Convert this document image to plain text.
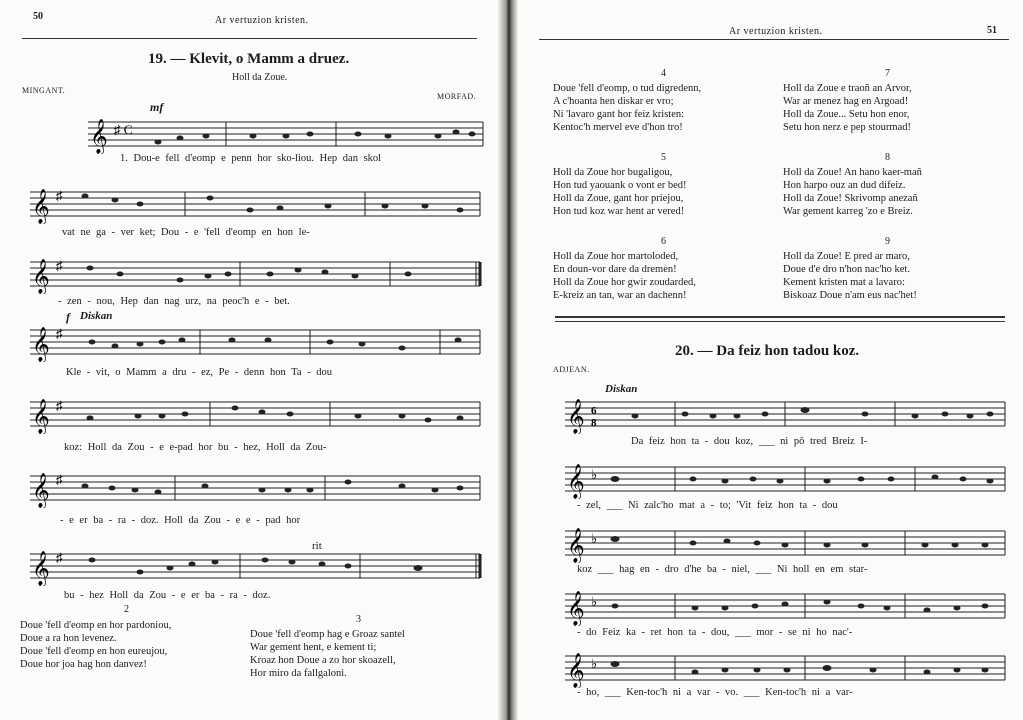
50	Ar vertuzion kristen.
19. — Klevit, o Mamm a druez.
Holl da Zoue.
MINGANT.
MORFAD.
mf
𝄞 ♯ C
1. Dou-e fell d'eomp e penn hor sko-liou. Hep dan skol
𝄞 ♯
vat ne ga - ver ket; Dou - e 'fell d'eomp en hon le-
𝄞 ♯
- zen - nou, Hep dan nag urz, na peoc'h e - bet.
f Diskan
𝄞 ♯
Kle - vit, o Mamm a dru - ez, Pe - denn hon Ta - dou
𝄞 ♯
koz: Holl da Zou - e e-pad hor bu - hez, Holl da Zou-
𝄞 ♯
- e er ba - ra - doz. Holl da Zou - e e - pad hor
rit
𝄞 ♯
bu - hez Holl da Zou - e er ba - ra - doz.
2
Doue 'fell d'eomp en hor pardoniou,
Doue a ra hon levenez.
Doue 'fell d'eomp en hon eureujou,
Doue hor joa hag hon danvez!
3
Doue 'fell d'eomp hag e Groaz santel
War gement hent, e kement ti;
Kroaz hon Doue a zo hor skoazell,
Hor miro da fallgaloni.
Ar vertuzion kristen.	51
4
Doue 'fell d'eomp, o tud digredenn,
A c'hoanta hen diskar er vro;
Ni 'lavaro gant hor feiz kristen:
Kentoc'h mervel eve d'hon tro!
7
Holl da Zoue e traoñ an Arvor,
War ar menez hag en Argoad!
Holl da Zoue... Setu hon enor,
Setu hon nerz e pep stourmad!
5
Holl da Zoue hor bugaligou,
Hon tud yaouank o vont er bed!
Holl da Zoue, gant hor priejou,
Hon tud koz war hent ar vered!
8
Holl da Zoue! An hano kaer-mañ
Hon harpo ouz an dud difeiz.
Holl da Zoue! Skrivomp anezañ
War gement karreg 'zo e Breiz.
6
Holl da Zoue hor martoloded,
En doun-vor dare da dremen!
Holl da Zoue hor gwir zoudarded,
E-kreiz an tan, war an dachenn!
9
Holl da Zoue! E pred ar maro,
Doue d'e dro n'hon nac'ho ket.
Kement kristen mat a lavaro:
Biskoaz Doue n'am eus nac'het!
20. — Da feiz hon tadou koz.
ADJEAN.
Diskan
𝄞 6
8
Da feiz hon ta - dou koz, ___ ni pô tred Breiz I-
𝄞 ♭
- zel, ___ Ni zalc'ho mat a - to; 'Vit feiz hon ta - dou
𝄞 ♭
koz ___ hag en - dro d'he ba - niel, ___ Ni holl en em star-
𝄞 ♭
- do Feiz ka - ret hon ta - dou, ___ mor - se ni ho nac'-
𝄞 ♭
- ho, ___ Ken-toc'h ni a var - vo. ___ Ken-toc'h ni a var-
